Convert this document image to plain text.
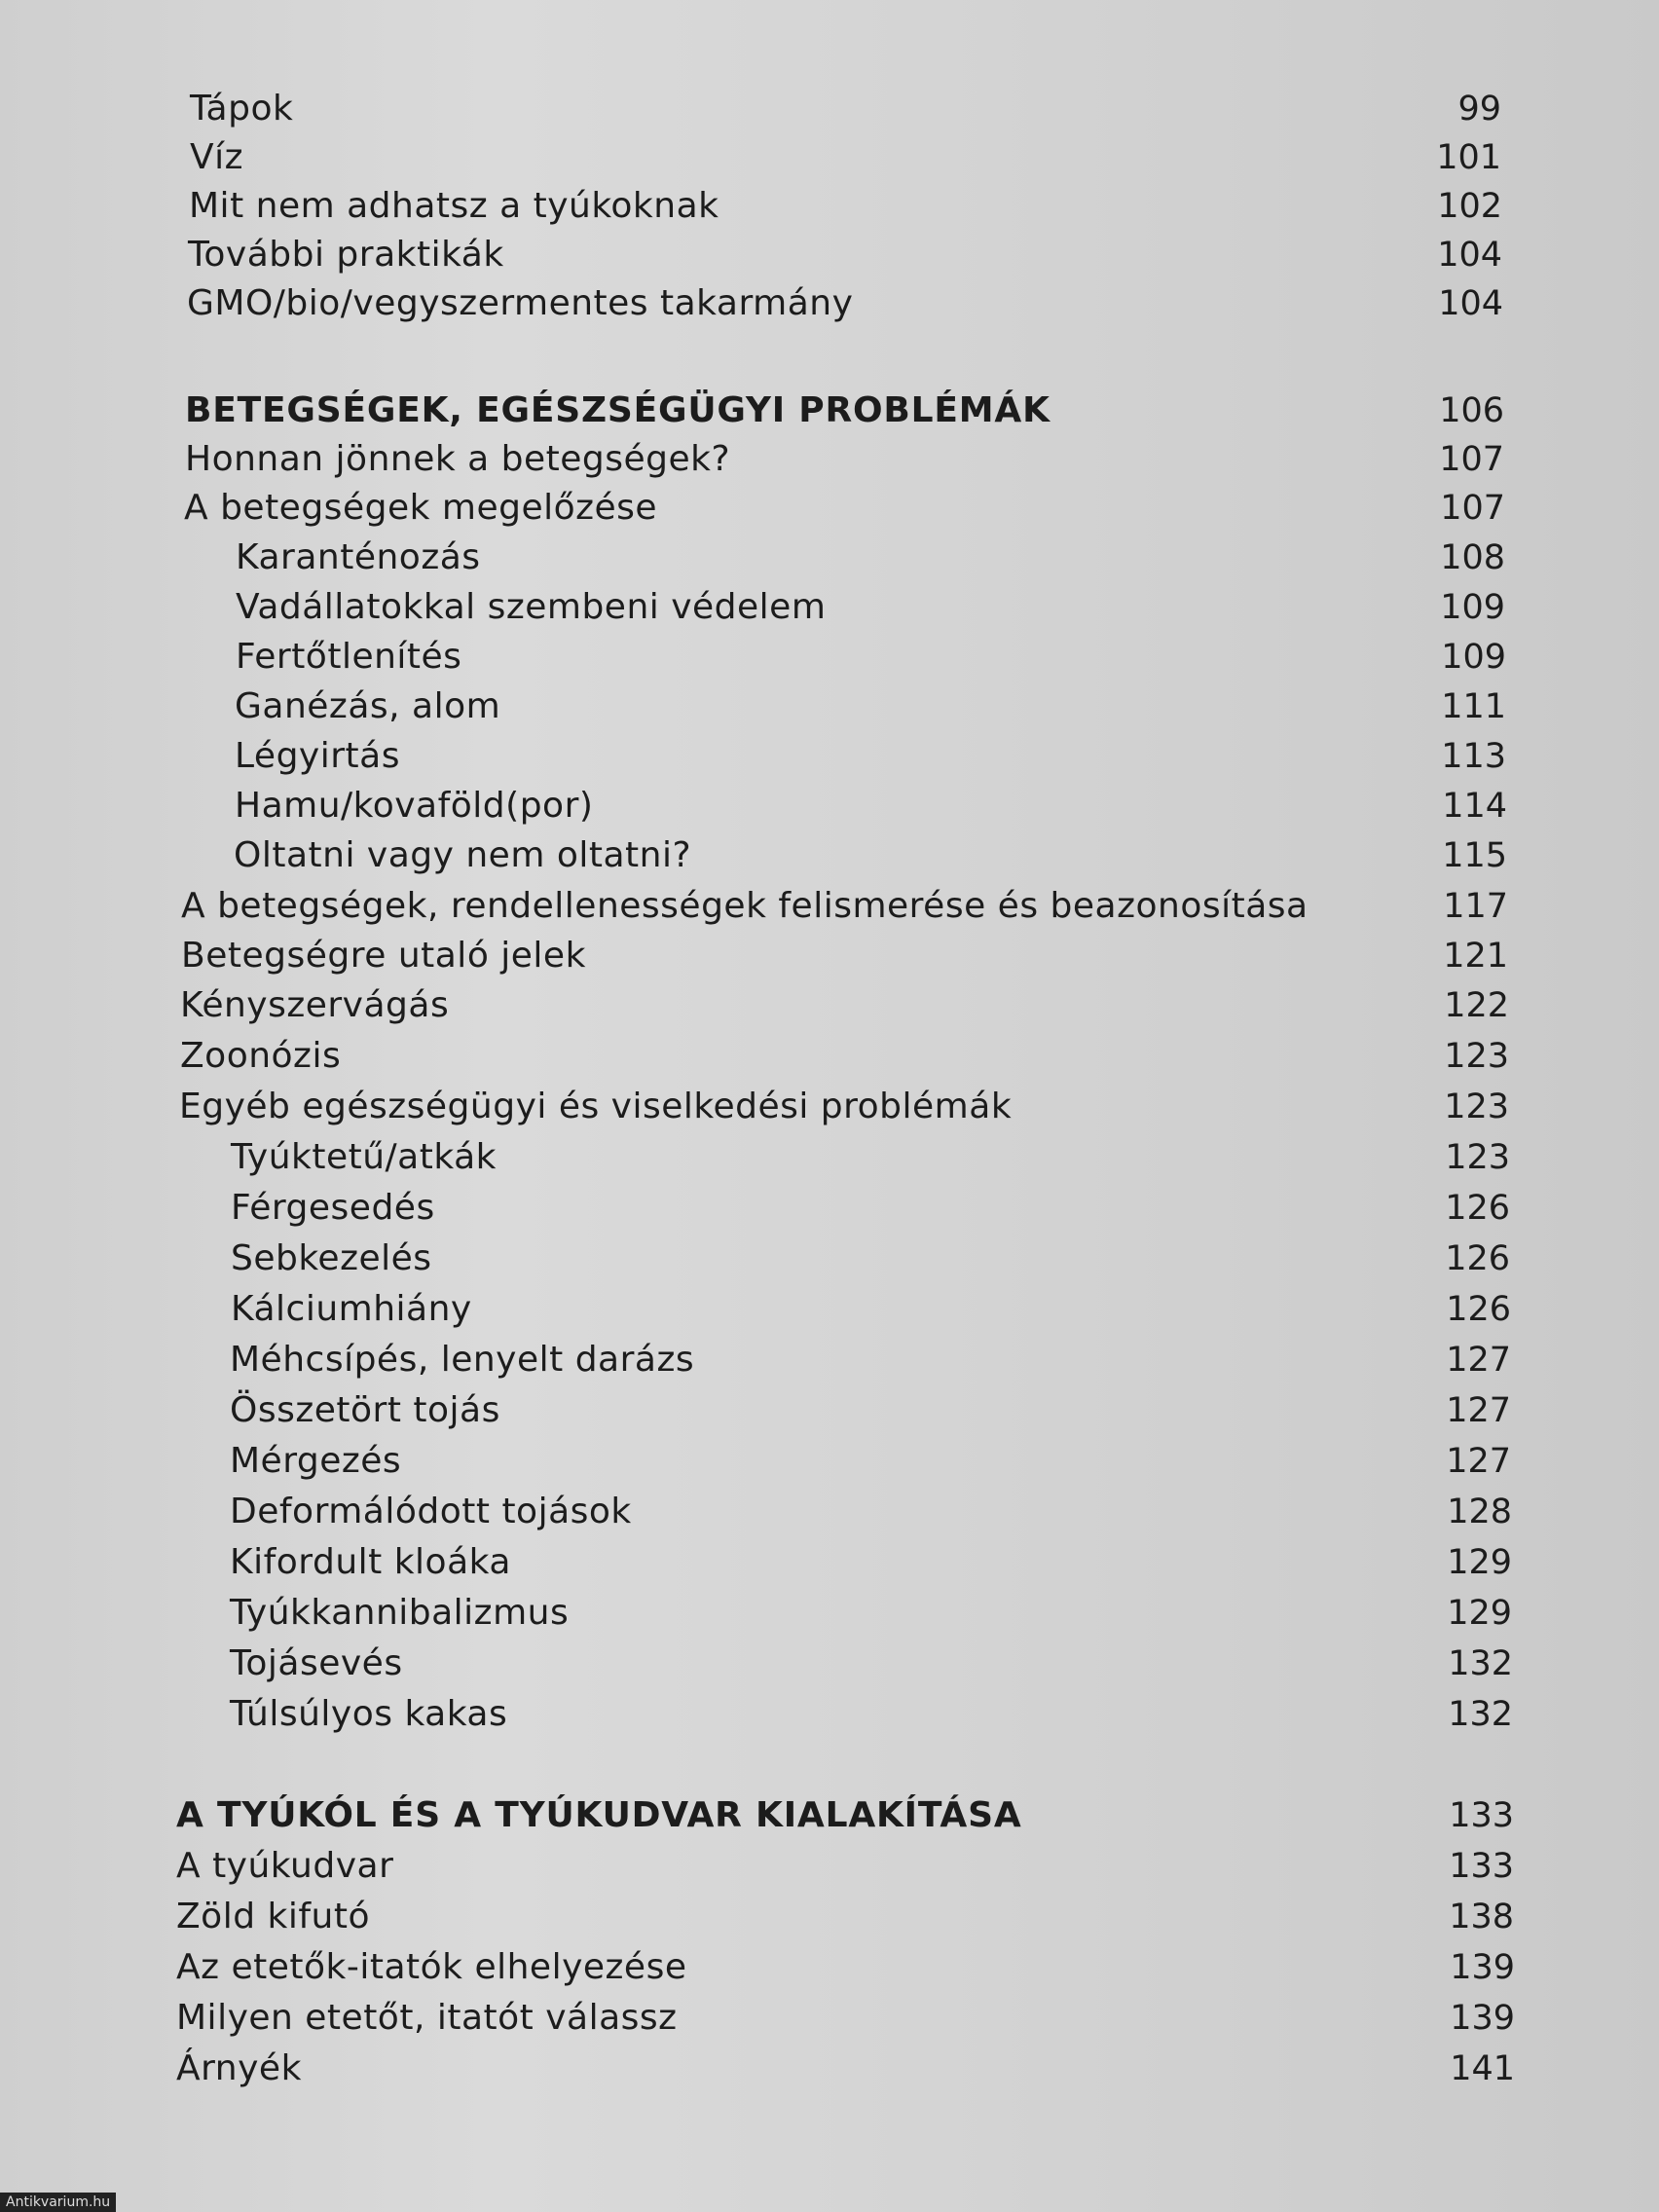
Tápok	99
Víz	101
Mit nem adhatsz a tyúkoknak	102
További praktikák	104
GMO/bio/vegyszermentes takarmány	104
BETEGSÉGEK, EGÉSZSÉGÜGYI PROBLÉMÁK	106
Honnan jönnek a betegségek?	107
A betegségek megelőzése	107
Karanténozás	108
Vadállatokkal szembeni védelem	109
Fertőtlenítés	109
Ganézás, alom	111
Légyirtás	113
Hamu/kovaföld(por)	114
Oltatni vagy nem oltatni?	115
A betegségek, rendellenességek felismerése és beazonosítása	117
Betegségre utaló jelek	121
Kényszervágás	122
Zoonózis	123
Egyéb egészségügyi és viselkedési problémák	123
Tyúktetű/atkák	123
Férgesedés	126
Sebkezelés	126
Kálciumhiány	126
Méhcsípés, lenyelt darázs	127
Összetört tojás	127
Mérgezés	127
Deformálódott tojások	128
Kifordult kloáka	129
Tyúkkannibalizmus	129
Tojásevés	132
Túlsúlyos kakas	132
A TYÚKÓL ÉS A TYÚKUDVAR KIALAKÍTÁSA	133
A tyúkudvar	133
Zöld kifutó	138
Az etetők-itatók elhelyezése	139
Milyen etetőt, itatót válassz	139
Árnyék	141
Antikvarium.hu
